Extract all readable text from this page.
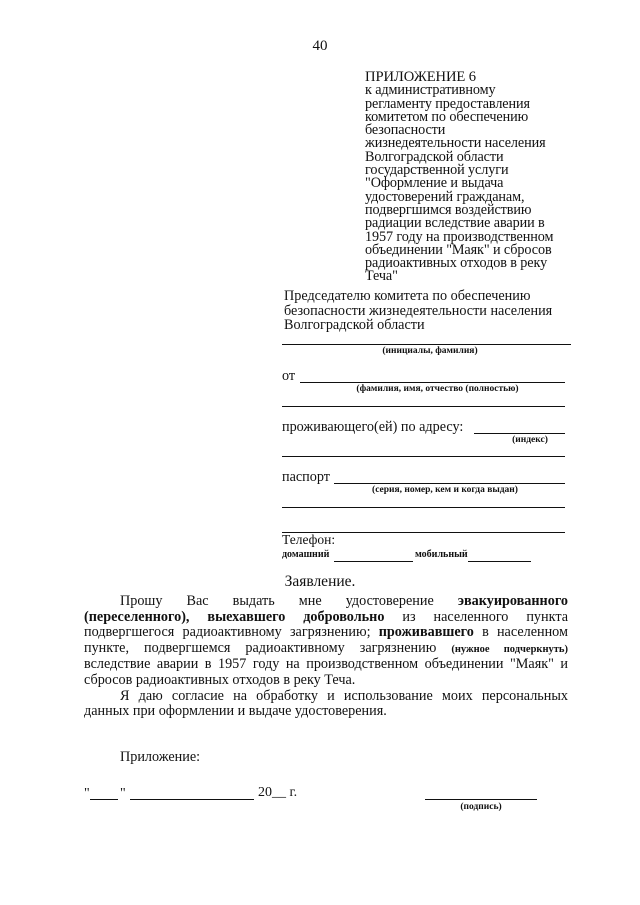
40
ПРИЛОЖЕНИЕ 6
к административному
регламенту предоставления
комитетом по обеспечению
безопасности
жизнедеятельности населения
Волгоградской области
государственной услуги
"Оформление и выдача
удостоверений гражданам,
подвергшимся воздействию
радиации вследствие аварии в
1957 году на производственном
объединении "Маяк" и сбросов
радиоактивных отходов в реку
Теча"
Председателю комитета по обеспечению
безопасности жизнедеятельности населения
Волгоградской области
(инициалы, фамилия)
от
(фамилия, имя, отчество (полностью)
проживающего(ей) по адресу:
(индекс)
паспорт
(серия, номер, кем и когда выдан)
Телефон:
домашний	мобильный
Заявление.

Прошу Вас выдать мне удостоверение эвакуированного (переселенного), выехавшего добровольно из населенного пункта подвергшегося радиоактивному загрязнению; проживавшего в населенном пункте, подвергшемся радиоактивному загрязнению (нужное подчеркнуть) вследствие аварии в 1957 году на производственном объединении "Маяк" и сбросов радиоактивных отходов в реку Теча.

Я даю согласие на обработку и использование моих персональных данных при оформлении и выдаче удостоверения.

Приложение:
" "	20__ г.
(подпись)
